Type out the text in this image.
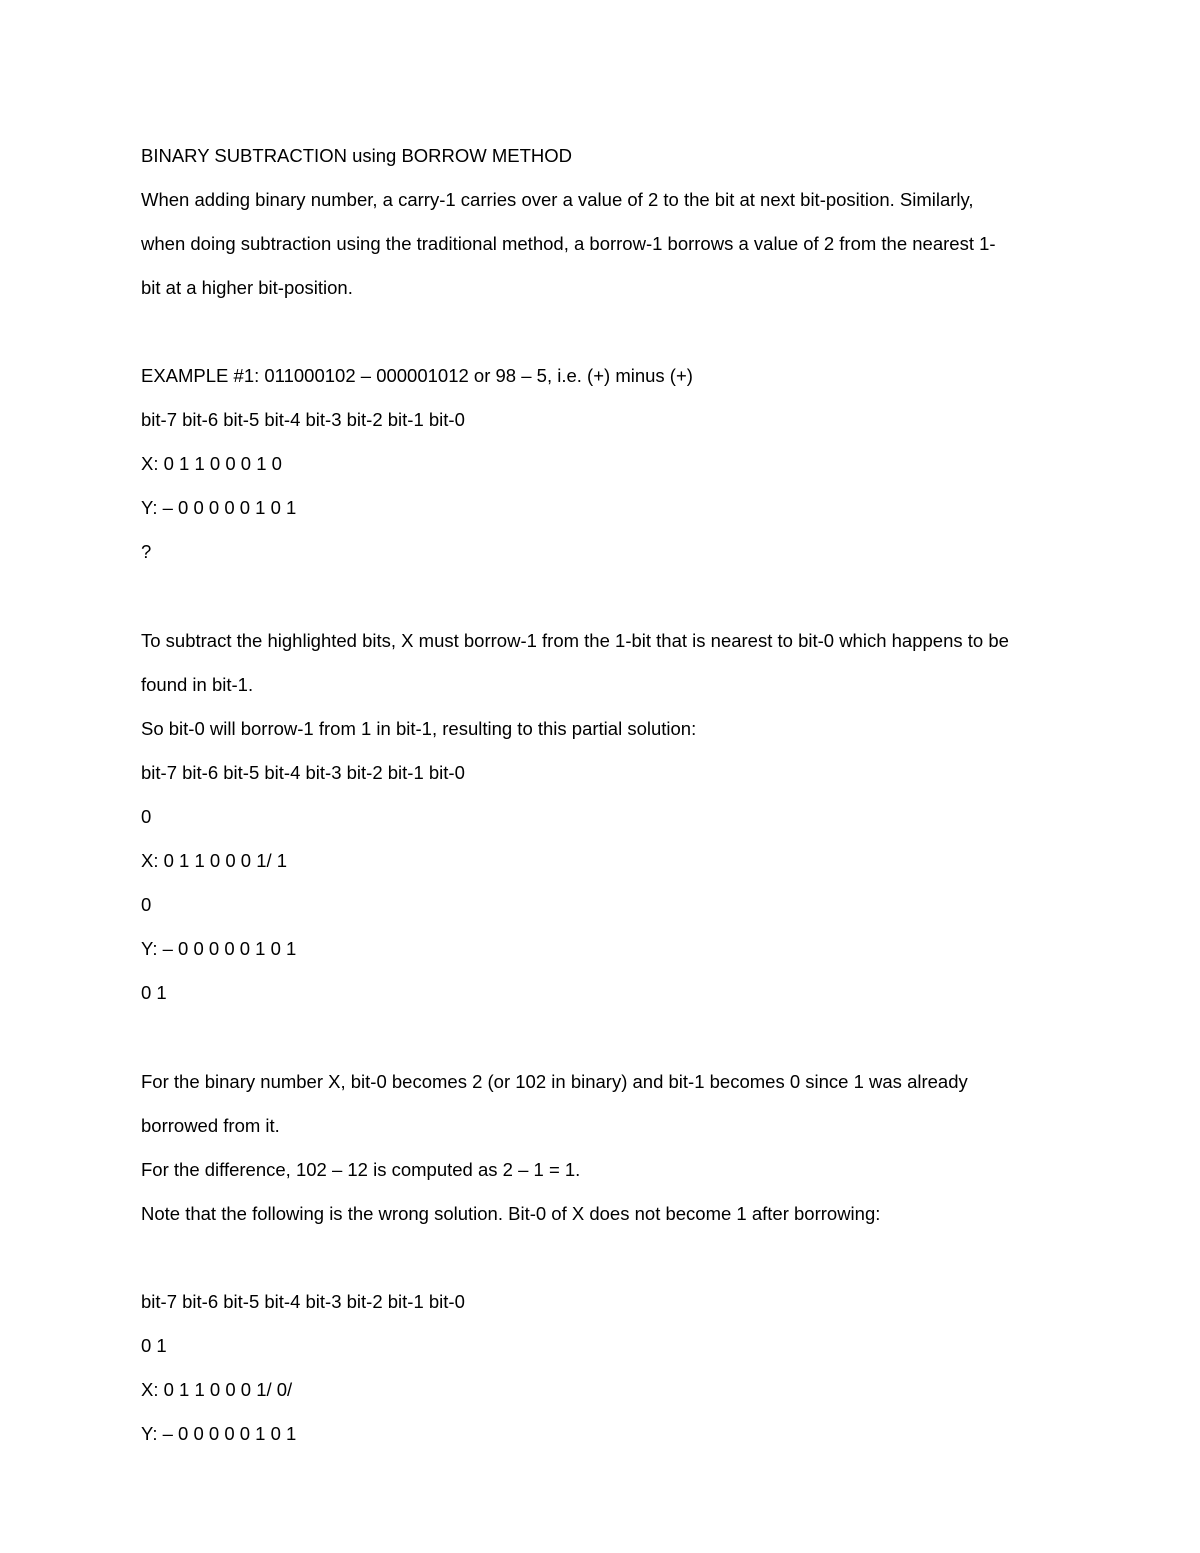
BINARY SUBTRACTION using BORROW METHOD
When adding binary number, a carry-1 carries over a value of 2 to the bit at next bit-position. Similarly,
when doing subtraction using the traditional method, a borrow-1 borrows a value of 2 from the nearest 1-
bit at a higher bit-position.
EXAMPLE #1: 011000102 – 000001012 or 98 – 5, i.e. (+) minus (+)
bit-7 bit-6 bit-5 bit-4 bit-3 bit-2 bit-1 bit-0
X: 0 1 1 0 0 0 1 0
Y: – 0 0 0 0 0 1 0 1
?
To subtract the highlighted bits, X must borrow-1 from the 1-bit that is nearest to bit-0 which happens to be
found in bit-1.
So bit-0 will borrow-1 from 1 in bit-1, resulting to this partial solution:
bit-7 bit-6 bit-5 bit-4 bit-3 bit-2 bit-1 bit-0
0
X: 0 1 1 0 0 0 1/ 1
0
Y: – 0 0 0 0 0 1 0 1
0 1
For the binary number X, bit-0 becomes 2 (or 102 in binary) and bit-1 becomes 0 since 1 was already
borrowed from it.
For the difference, 102 – 12 is computed as 2 – 1 = 1.
Note that the following is the wrong solution. Bit-0 of X does not become 1 after borrowing:
bit-7 bit-6 bit-5 bit-4 bit-3 bit-2 bit-1 bit-0
0 1
X: 0 1 1 0 0 0 1/ 0/
Y: – 0 0 0 0 0 1 0 1
